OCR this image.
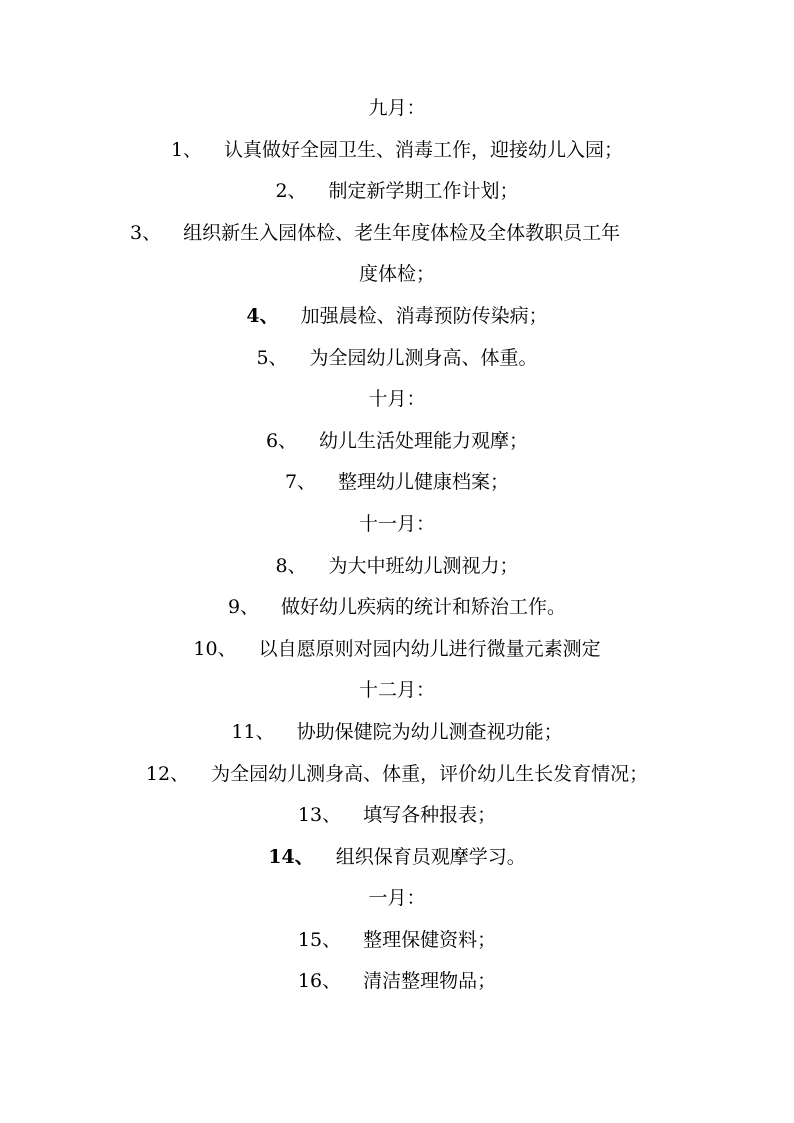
九月：
1、 认真做好全园卫生、消毒工作，迎接幼儿入园；
2、 制定新学期工作计划；
3、 组织新生入园体检、老生年度体检及全体教职员工年
度体检；
4、 加强晨检、消毒预防传染病；
5、 为全园幼儿测身高、体重。
十月：
6、 幼儿生活处理能力观摩；
7、 整理幼儿健康档案；
十一月：
8、 为大中班幼儿测视力；
9、 做好幼儿疾病的统计和矫治工作。
10、 以自愿原则对园内幼儿进行微量元素测定
十二月：
11、 协助保健院为幼儿测查视功能；
12、 为全园幼儿测身高、体重，评价幼儿生长发育情况；
13、 填写各种报表；
14、 组织保育员观摩学习。
一月：
15、 整理保健资料；
16、 清洁整理物品；
